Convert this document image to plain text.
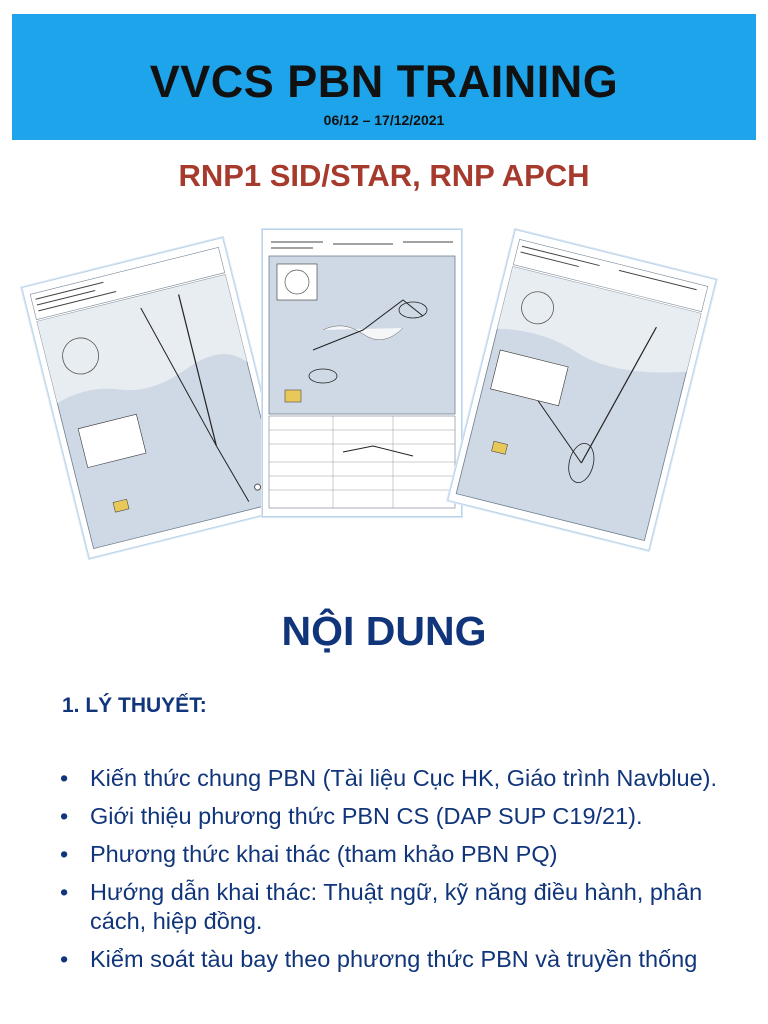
VVCS PBN TRAINING
06/12 – 17/12/2021
RNP1 SID/STAR, RNP APCH
NỘI DUNG
1. LÝ THUYẾT:
• Kiến thức chung PBN (Tài liệu Cục HK, Giáo trình Navblue).
• Giới thiệu phương thức PBN CS (DAP SUP C19/21).
• Phương thức khai thác (tham khảo PBN PQ)
• Hướng dẫn khai thác: Thuật ngữ, kỹ năng điều hành, phân cách, hiệp đồng.
• Kiểm soát tàu bay theo phương thức PBN và truyền thống
